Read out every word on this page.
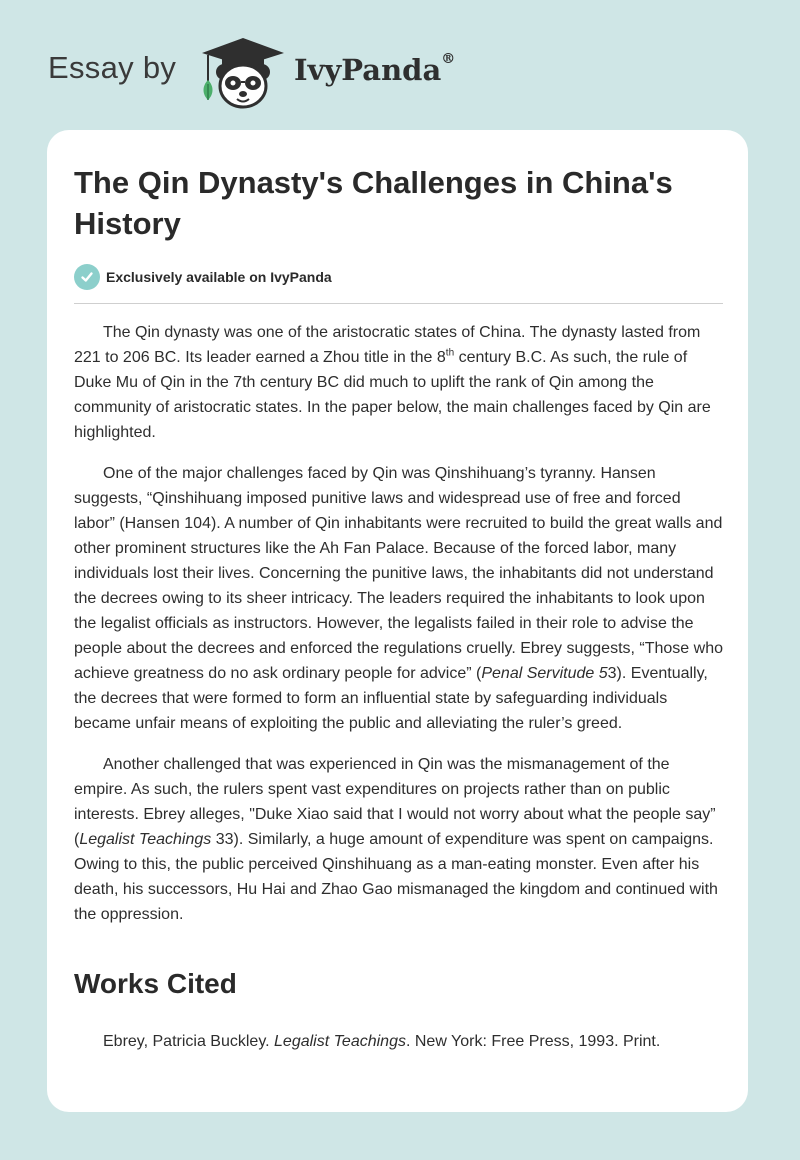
Essay by	IvyPanda®
The Qin Dynasty's Challenges in China's History
Exclusively available on IvyPanda

The Qin dynasty was one of the aristocratic states of China. The dynasty lasted from 221 to 206 BC. Its leader earned a Zhou title in the 8th century B.C. As such, the rule of Duke Mu of Qin in the 7th century BC did much to uplift the rank of Qin among the community of aristocratic states. In the paper below, the main challenges faced by Qin are highlighted.

One of the major challenges faced by Qin was Qinshihuang’s tyranny. Hansen suggests, “Qinshihuang imposed punitive laws and widespread use of free and forced labor” (Hansen 104). A number of Qin inhabitants were recruited to build the great walls and other prominent structures like the Ah Fan Palace. Because of the forced labor, many individuals lost their lives. Concerning the punitive laws, the inhabitants did not understand the decrees owing to its sheer intricacy. The leaders required the inhabitants to look upon the legalist officials as instructors. However, the legalists failed in their role to advise the people about the decrees and enforced the regulations cruelly. Ebrey suggests, “Those who achieve greatness do no ask ordinary people for advice” (Penal Servitude 53). Eventually, the decrees that were formed to form an influential state by safeguarding individuals became unfair means of exploiting the public and alleviating the ruler’s greed.

Another challenged that was experienced in Qin was the mismanagement of the empire. As such, the rulers spent vast expenditures on projects rather than on public interests. Ebrey alleges, "Duke Xiao said that I would not worry about what the people say” (Legalist Teachings 33). Similarly, a huge amount of expenditure was spent on campaigns. Owing to this, the public perceived Qinshihuang as a man-eating monster. Even after his death, his successors, Hu Hai and Zhao Gao mismanaged the kingdom and continued with the oppression.

Works Cited
Ebrey, Patricia Buckley. Legalist Teachings. New York: Free Press, 1993. Print.
